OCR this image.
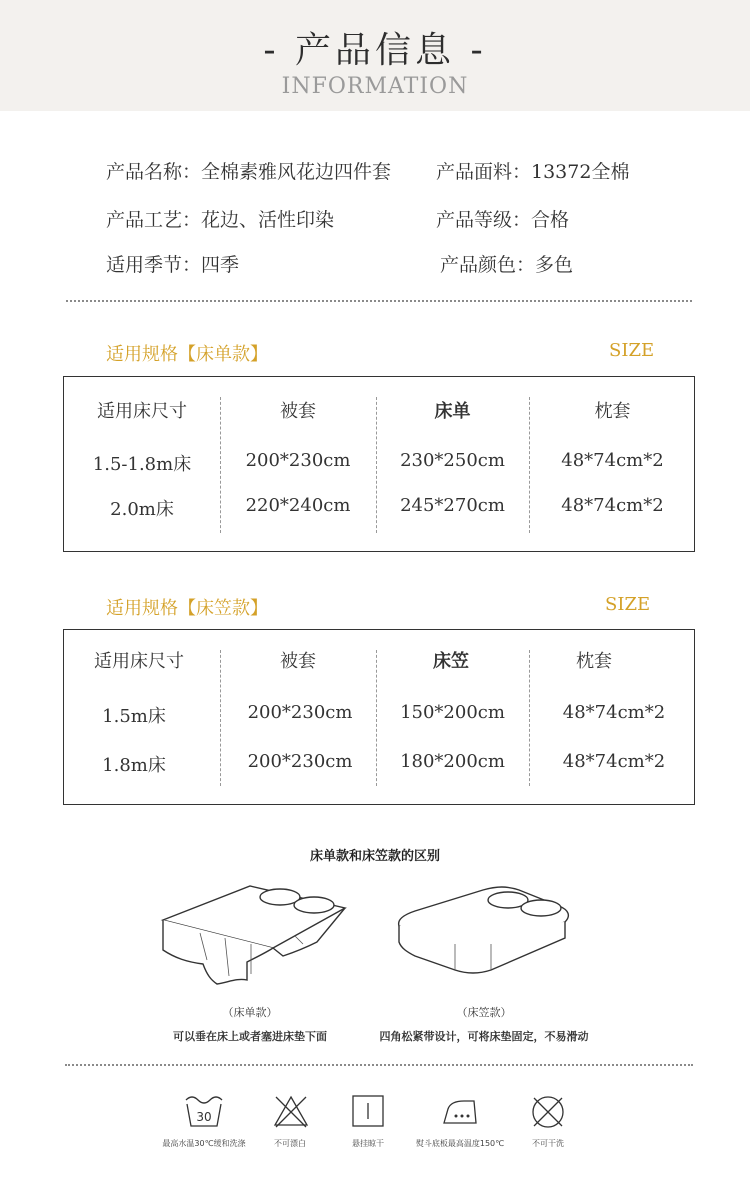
- 产品信息 -
INFORMATION
产品名称：全棉素雅风花边四件套 产品面料：13372全棉
产品工艺：花边、活性印染	产品等级：合格
适用季节：四季	产品颜色：多色
适用规格【床单款】	SIZE
适用床尺寸	被套	床单	枕套
1.5-1.8m床	200*230cm	230*250cm	48*74cm*2
2.0m床	220*240cm	245*270cm	48*74cm*2
适用规格【床笠款】	SIZE
适用床尺寸	被套	床笠	枕套
1.5m床	200*230cm	150*200cm	48*74cm*2
1.8m床	200*230cm	180*200cm	48*74cm*2
床单款和床笠款的区别
（床单款）
可以垂在床上或者塞进床垫下面
（床笠款）
四角松紧带设计，可将床垫固定，不易滑动
30
最高水温30℃缓和洗涤	不可漂白	悬挂晾干	熨斗底板最高温度150℃	不可干洗
